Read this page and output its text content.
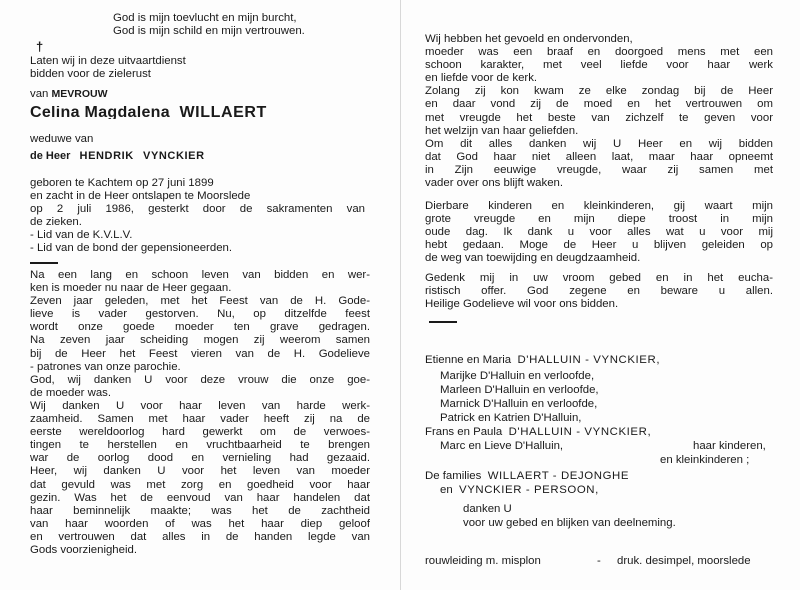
God is mijn toevlucht en mijn burcht,
God is mijn schild en mijn vertrouwen.
†
Laten wij in deze uitvaartdienst
bidden voor de zielerust
van MEVROUW
Celina Magdalena WILLAERT
weduwe van
de Heer HENDRIK VYNCKIER
geboren te Kachtem op 27 juni 1899
en zacht in de Heer ontslapen te Moorslede
op 2 juli 1986, gesterkt door de sakramenten van
de zieken.
- Lid van de K.V.L.V.
- Lid van de bond der gepensioneerden.
Na een lang en schoon leven van bidden en wer-
ken is moeder nu naar de Heer gegaan.
Zeven jaar geleden, met het Feest van de H. Gode-
lieve is vader gestorven. Nu, op ditzelfde feest
wordt onze goede moeder ten grave gedragen.
Na zeven jaar scheiding mogen zij weerom samen
bij de Heer het Feest vieren van de H. Godelieve
- patrones van onze parochie.
God, wij danken U voor deze vrouw die onze goe-
de moeder was.
Wij danken U voor haar leven van harde werk-
zaamheid. Samen met haar vader heeft zij na de
eerste wereldoorlog hard gewerkt om de verwoes-
tingen te herstellen en vruchtbaarheid te brengen
war de oorlog dood en vernieling had gezaaid.
Heer, wij danken U voor het leven van moeder
dat gevuld was met zorg en goedheid voor haar
gezin. Was het de eenvoud van haar handelen dat
haar beminnelijk maakte; was het de zachtheid
van haar woorden of was het haar diep geloof
en vertrouwen dat alles in de handen legde van
Gods voorzienigheid.
Wij hebben het gevoeld en ondervonden,
moeder was een braaf en doorgoed mens met een
schoon karakter, met veel liefde voor haar werk
en liefde voor de kerk.
Zolang zij kon kwam ze elke zondag bij de Heer
en daar vond zij de moed en het vertrouwen om
met vreugde het beste van zichzelf te geven voor
het welzijn van haar geliefden.
Om dit alles danken wij U Heer en wij bidden
dat God haar niet alleen laat, maar haar opneemt
in Zijn eeuwige vreugde, waar zij samen met
vader over ons blijft waken.
Dierbare kinderen en kleinkinderen, gij waart mijn
grote vreugde en mijn diepe troost in mijn
oude dag. Ik dank u voor alles wat u voor mij
hebt gedaan. Moge de Heer u blijven geleiden op
de weg van toewijding en deugdzaamheid.
Gedenk mij in uw vroom gebed en in het eucha-
ristisch offer. God zegene en beware u allen.
Heilige Godelieve wil voor ons bidden.
Etienne en Maria D'HALLUIN - VYNCKIER,
Marijke D'Halluin en verloofde,
Marleen D'Halluin en verloofde,
Marnick D'Halluin en verloofde,
Patrick en Katrien D'Halluin,
Frans en Paula D'HALLUIN - VYNCKIER,
Marc en Lieve D'Halluin,	haar kinderen,
en kleinkinderen ;
De families WILLAERT - DEJONGHE
en VYNCKIER - PERSOON,
danken U
voor uw gebed en blijken van deelneming.
rouwleiding m. misplon	- druk. desimpel, moorslede
